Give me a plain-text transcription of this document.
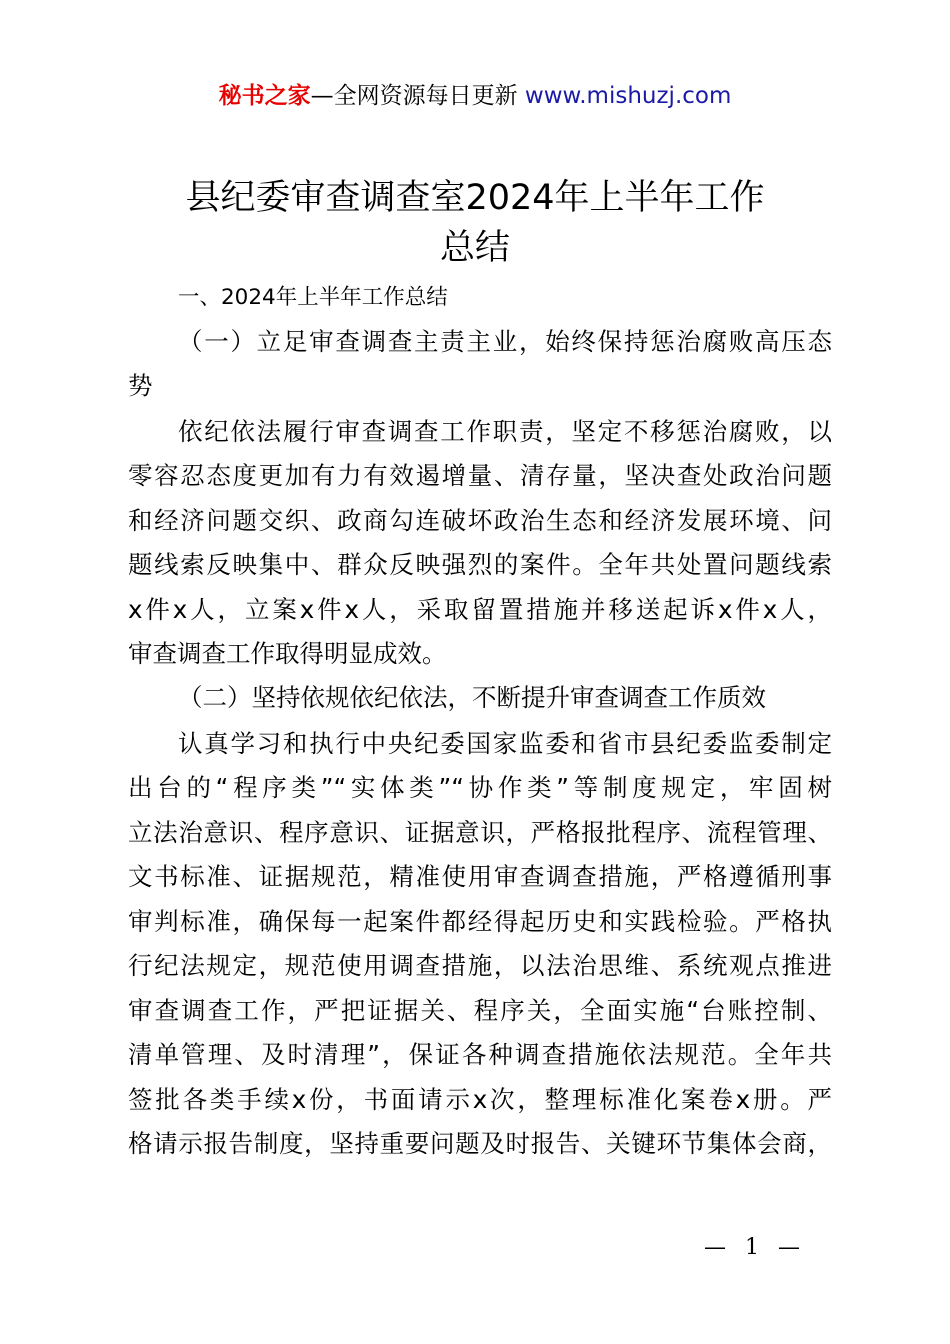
秘书之家—全网资源每日更新 www.mishuzj.com
县纪委审查调查室2024年上半年工作
总结
一、2024年上半年工作总结
（一）立足审查调查主责主业，始终保持惩治腐败高压态
势
依纪依法履行审查调查工作职责，坚定不移惩治腐败，以
零容忍态度更加有力有效遏增量、清存量，坚决查处政治问题
和经济问题交织、政商勾连破坏政治生态和经济发展环境、问
题线索反映集中、群众反映强烈的案件。全年共处置问题线索
x件x人，立案x件x人，采取留置措施并移送起诉x件x人，
审查调查工作取得明显成效。
（二）坚持依规依纪依法，不断提升审查调查工作质效
认真学习和执行中央纪委国家监委和省市县纪委监委制定
出台的“程序类”“实体类”“协作类”等制度规定，牢固树
立法治意识、程序意识、证据意识，严格报批程序、流程管理、
文书标准、证据规范，精准使用审查调查措施，严格遵循刑事
审判标准，确保每一起案件都经得起历史和实践检验。严格执
行纪法规定，规范使用调查措施，以法治思维、系统观点推进
审查调查工作，严把证据关、程序关，全面实施“台账控制、
清单管理、及时清理”，保证各种调查措施依法规范。全年共
签批各类手续x份，书面请示x次，整理标准化案卷x册。严
格请示报告制度，坚持重要问题及时报告、关键环节集体会商，
— 1 —
